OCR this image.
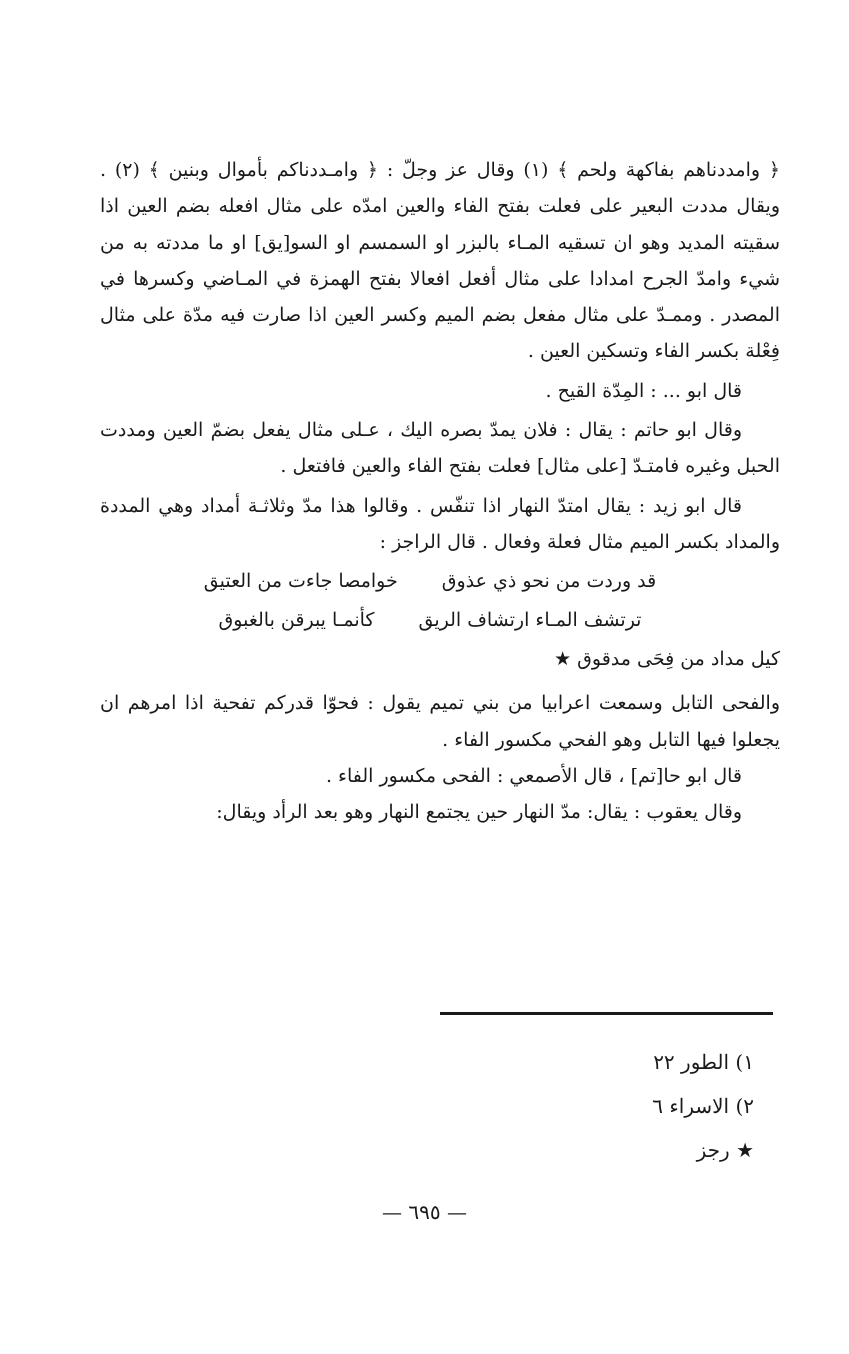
﴿ وامددناهم بفاكهة ولحم ﴾ (١) وقال عز وجلّ : ﴿ وامـددناكم بأموال وبنين ﴾ (٢) . ويقال مددت البعير على فعلت بفتح الفاء والعين امدّه على مثال افعله بضم العين اذا سقيته المديد وهو ان تسقيه المـاء بالبزر او السمسم او السو[يق] او ما مددته به من شيء وامدّ الجرح امدادا على مثال أفعل افعالا بفتح الهمزة في المـاضي وكسرها في المصدر . وممـدّ على مثال مفعل بضم الميم وكسر العين اذا صارت فيه مدّة على مثال فِعْلة بكسر الفاء وتسكين العين .

قال ابو ... : المِدّة القيح .

وقال ابو حاتم : يقال : فلان يمدّ بصره اليك ، عـلى مثال يفعل بضمّ العين ومددت الحبل وغيره فامتـدّ [على مثال] فعلت بفتح الفاء والعين فافتعل .

قال ابو زيد : يقال امتدّ النهار اذا تنفّس . وقالوا هذا مدّ وثلاثـة أمداد وهي المددة والمداد بكسر الميم مثال فعلة وفعال . قال الراجز :

قد وردت من نحو ذي عذوق
خوامصا جاءت من العتيق
ترتشف المـاء ارتشاف الريق
كأنمـا يبرقن بالغبوق
كيل مداد من فِحَى مدقوق ★

والفحى التابل وسمعت اعرابيا من بني تميم يقول : فحوّا قدركم تفحية اذا امرهم ان يجعلوا فيها التابل وهو الفحي مكسور الفاء .

قال ابو حا[تم] ، قال الأصمعي : الفحى مكسور الفاء .

وقال يعقوب : يقال: مدّ النهار حين يجتمع النهار وهو بعد الرأد ويقال:

١) الطور ٢٢

٢) الاسراء ٦

★ رجز

— ٦٩٥ —
